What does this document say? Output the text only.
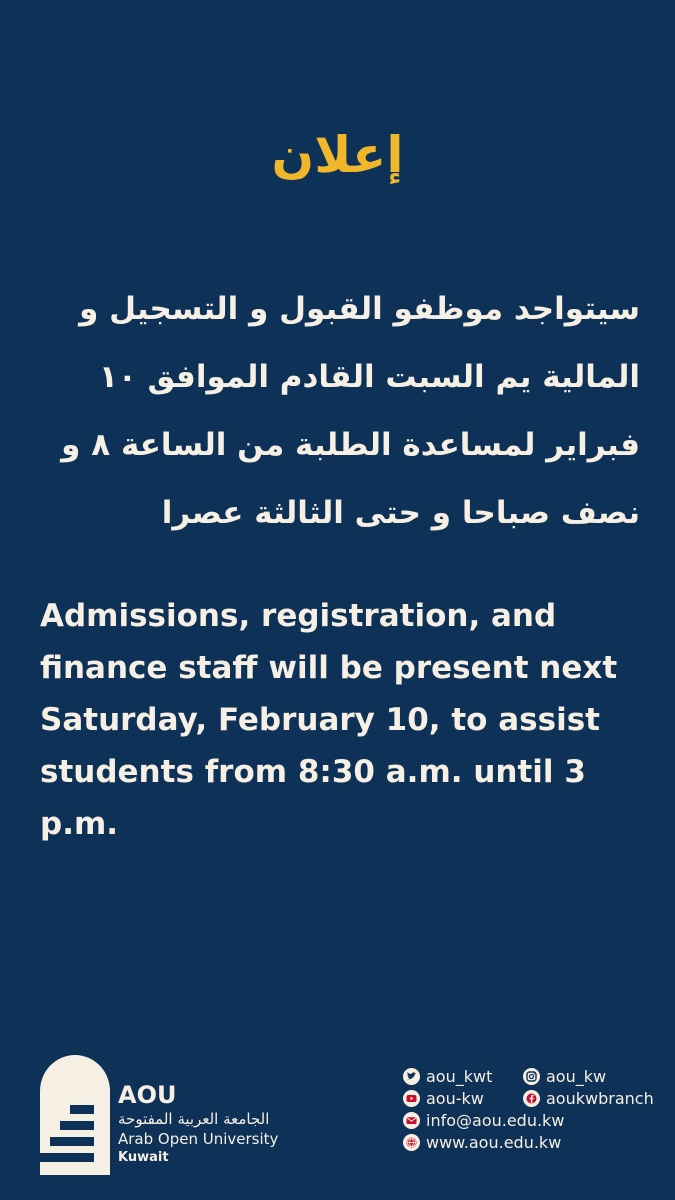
إعلان
سيتواجد موظفو القبول و التسجيل و
المالية يم السبت القادم الموافق ١٠
فبراير لمساعدة الطلبة من الساعة ٨ و
نصف صباحا و حتى الثالثة عصرا
Admissions, registration, and
finance staff will be present next
Saturday, February 10, to assist
students from 8:30 a.m. until 3
p.m.
AOU
الجامعة العربية المفتوحة
Arab Open University
Kuwait
aou_kwt	aou_kw
aou-kw	aoukwbranch
info@aou.edu.kw
www.aou.edu.kw
